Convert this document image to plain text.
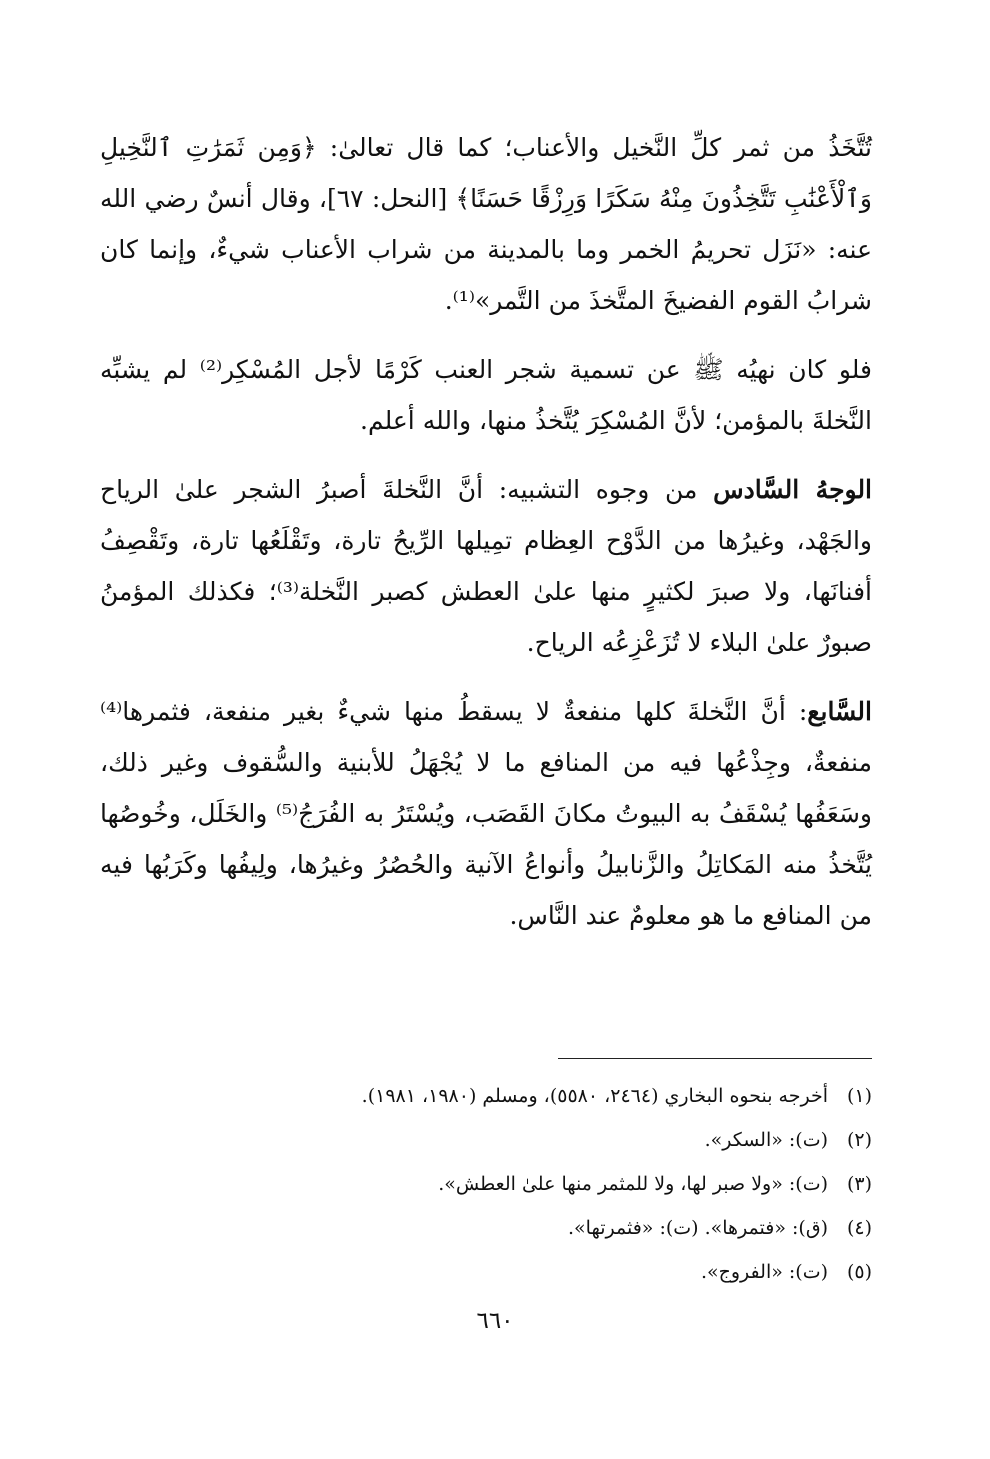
تُتَّخَذُ من ثمر كلِّ النَّخيل والأعناب؛ كما قال تعالىٰ: ﴿وَمِن ثَمَرَٰتِ ٱلنَّخِيلِ وَٱلْأَعْنَٰبِ تَتَّخِذُونَ مِنْهُ سَكَرًا وَرِزْقًا حَسَنًا﴾ [النحل: ٦٧]، وقال أنسٌ رضي الله عنه: «نَزَل تحريمُ الخمر وما بالمدينة من شراب الأعناب شيءٌ، وإنما كان شرابُ القوم الفضيخَ المتَّخذَ من التَّمر»⁽¹⁾.

فلو كان نهيُه ﷺ عن تسمية شجر العنب كَرْمًا لأجل المُسْكِر⁽²⁾ لم يشبِّه النَّخلةَ بالمؤمن؛ لأنَّ المُسْكِرَ يُتَّخذُ منها، والله أعلم.

الوجهُ السَّادس من وجوه التشبيه: أنَّ النَّخلةَ أصبرُ الشجر علىٰ الرياح والجَهْد، وغيرُها من الدَّوْح العِظام تمِيلها الرِّيحُ تارة، وتَقْلَعُها تارة، وتَقْصِفُ أفنانَها، ولا صبرَ لكثيرٍ منها علىٰ العطش كصبر النَّخلة⁽³⁾؛ فكذلك المؤمنُ صبورٌ علىٰ البلاء لا تُزَعْزِعُه الرياح.

السَّابع: أنَّ النَّخلةَ كلها منفعةٌ لا يسقطُ منها شيءٌ بغير منفعة، فثمرها⁽⁴⁾ منفعةٌ، وجِذْعُها فيه من المنافع ما لا يُجْهَلُ للأبنية والسُّقوف وغير ذلك، وسَعَفُها يُسْقَفُ به البيوتُ مكانَ القَصَب، ويُسْتَرُ به الفُرَجُ⁽⁵⁾ والخَلَل، وخُوصُها يُتَّخذُ منه المَكاتِلُ والزَّنابيلُ وأنواعُ الآنية والحُصُرُ وغيرُها، ولِيفُها وكَرَبُها فيه من المنافع ما هو معلومٌ عند النَّاس.

(١)
أخرجه بنحوه البخاري (٢٤٦٤، ٥٥٨٠)، ومسلم (١٩٨٠، ١٩٨١).
(٢)
(ت): «السكر».
(٣)
(ت): «ولا صبر لها، ولا للمثمر منها علىٰ العطش».
(٤)
(ق): «فتمرها». (ت): «فثمرتها».
(٥)
(ت): «الفروج».
٦٦٠
